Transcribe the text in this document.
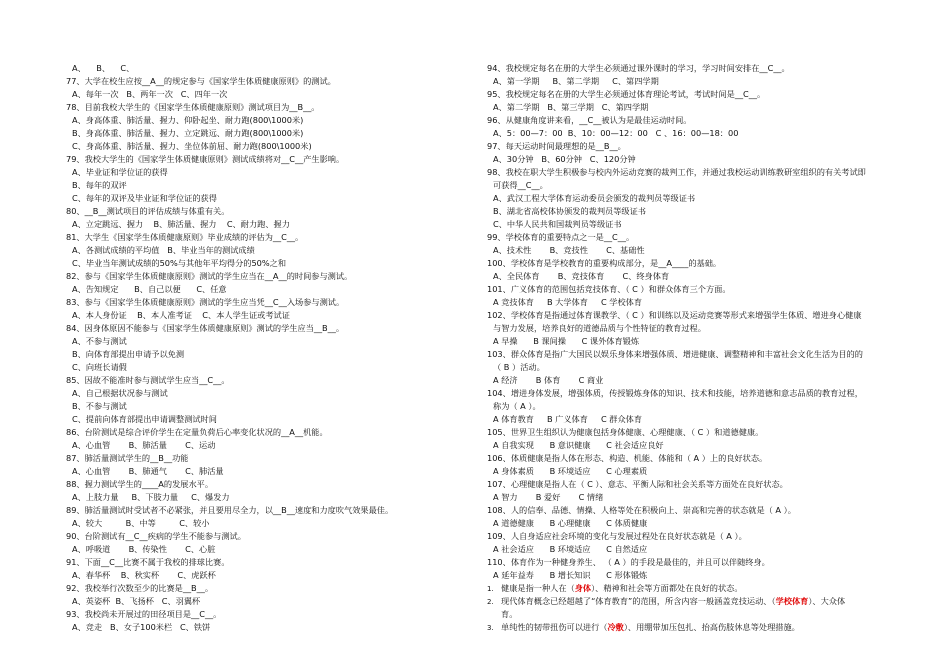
A、    B、    C、
77、大学在校生应按__A__的规定参与《国家学生体质健康原则》的测试。
A、每年一次   B、两年一次   C、四年一次
78、目前我校大学生的《国家学生体质健康原则》测试项目为__B__。
A、身高体重、肺活量、握力、仰卧起坐、耐力跑(800\1000米)
B、身高体重、肺活量、握力、立定跳远、耐力跑(800\1000米)
C、身高体重、肺活量、握力、坐位体前屈、耐力跑(800\1000米)
79、我校大学生的《国家学生体质健康原则》测试成绩将对__C__产生影响。
A、毕业证和学位证的获得
B、每年的双评
C、每年的双评及毕业证和学位证的获得
80、__B__测试项目的评估成绩与体重有关。
A、立定跳远、握力    B、肺活量、握力    C、耐力跑、握力
81、大学生《国家学生体质健康原则》毕业成绩的评估为__C__。
A、各测试成绩的平均值   B、毕业当年的测试成绩
C、毕业当年测试成绩的50%与其他年平均得分的50%之和
82、参与《国家学生体质健康原则》测试的学生应当在__A__的时间参与测试。
A、告知规定      B、自己以便      C、任意
83、参与《国家学生体质健康原则》测试的学生应当凭__C__入场参与测试。
A、本人身份证    B、本人准考证    C、本人学生证或考试证
84、因身体原因不能参与《国家学生体质健康原则》测试的学生应当__B__。
A、不参与测试
B、向体育部提出申请予以免测
C、向班长请假
85、因故不能准时参与测试学生应当__C__。
A、自己根据状况参与测试
B、不参与测试
C、提前向体育部提出申请调整测试时间
86、台阶测试是综合评价学生在定量负荷后心率变化状况的__A__机能。
A、心血管       B、肺活量       C、运动
87、肺活量测试学生的__B__功能
A、心血管       B、肺通气       C、肺活量
88、握力测试学生的____A的发展水平。
A、上肢力量     B、下肢力量     C、爆发力
89、肺活量测试时受试者不必紧张，并且要用尽全力，以__B__速度和力度吹气效果最佳。
A、较大         B、中等         C、较小
90、台阶测试有__C__疾病的学生不能参与测试。
A、呼吸道       B、传染性       C、心脏
91、下面__C__比赛不属于我校的排球比赛。
A、春华杯    B、秋实杯       C、虎跃杯
92、我校举行次数至少的比赛是__B__。
A、英姿杯  B、飞扬杯   C、羽翼杯
93、我校尚未开展过的田径项目是__C__。
A、竞走   B、女子100米栏   C、铁饼
94、我校规定每名在册的大学生必须通过课外课时的学习，学习时间安排在__C__。
A、第一学期     B、第二学期     C、第四学期
95、我校规定每名在册的大学生必须通过体育理论考试，考试时间是__C__。
A、第二学期   B、第三学期   C、第四学期
96、从健康角度讲来看，__C__被认为是最佳运动时间。
A、5：00—7：00  B、10：00—12：00   C 、16：00—18：00
97、每天运动时间最理想的是__B__。
A、30分钟   B、60分钟   C、120分钟
98、我校在职大学生积极参与校内外运动竞赛的裁判工作，并通过我校运动训练教研室组织的有关考试即
可获得__C__。
A、武汉工程大学体育运动委员会颁发的裁判员等级证书
B、湖北省高校体协颁发的裁判员等级证书
C、中华人民共和国裁判员等级证书
99、学校体育的重要特点之一是__C__。
A、技术性       B、竞技性       C、基础性
100、学校体育是学校教育的重要构成部分，是__A____的基础。
A、全民体育       B、竞技体育       C、终身体育
101、广义体育的范围包括竞技体育、（ C ）和群众体育三个方面。
A 竞技体育     B 大学体育     C 学校体育
102、学校体育是指通过体育课教学、（ C ）和训练以及运动竞赛等形式来增强学生体质、增进身心健康
与智力发展，培养良好的道德品质与个性特征的教育过程。
A 早操      B 课间操      C 课外体育锻炼
103、群众体育是指广大国民以娱乐身体来增强体质、增进健康、调整精神和丰富社会文化生活为目的的
（ B ）活动。
A 经济       B 体育       C 商业
104、增进身体发展，增强体质，传授锻炼身体的知识、技术和技能，培养道德和意志品质的教育过程，
称为（ A ）。
A 体育教育     B 广义体育     C 群众体育
105、世界卫生组织认为健康包括身体健康、心理健康、（ C ）和道德健康。
A 自我实现      B 意识健康      C 社会适应良好
106、体质健康是指人体在形态、构造、机能、体能和（ A ）上的良好状态。
A 身体素质      B 环境适应      C 心理素质
107、心理健康是指人在（ C ）、意志、平衡人际和社会关系等方面处在良好状态。
A 智力       B 爱好       C 情绪
108、人的信奉、品德、情操、人格等处在积极向上、崇高和完善的状态就是（ A ）。
A 道德健康      B 心理健康      C 体质健康
109、人自身适应社会环境的变化与发展过程处在良好状态就是（ A ）。
A 社会适应      B 环境适应      C 自然适应
110、体育作为一种健身养生、 （ A ）的手段是最佳的，并且可以伴随终身。
A 延年益寿      B 增长知识      C 形体锻炼
1. 健康是指一种人在（身体）、精神和社会等方面都处在良好的状态。
2. 现代体育概念已经超越了“体育教育”的范围，所含内容一般涵盖竞技运动、（学校体育）、大众体
育。
3. 单纯性的韧带扭伤可以进行（冷敷）、用绷带加压包扎、抬高伤肢休息等处理措施。
